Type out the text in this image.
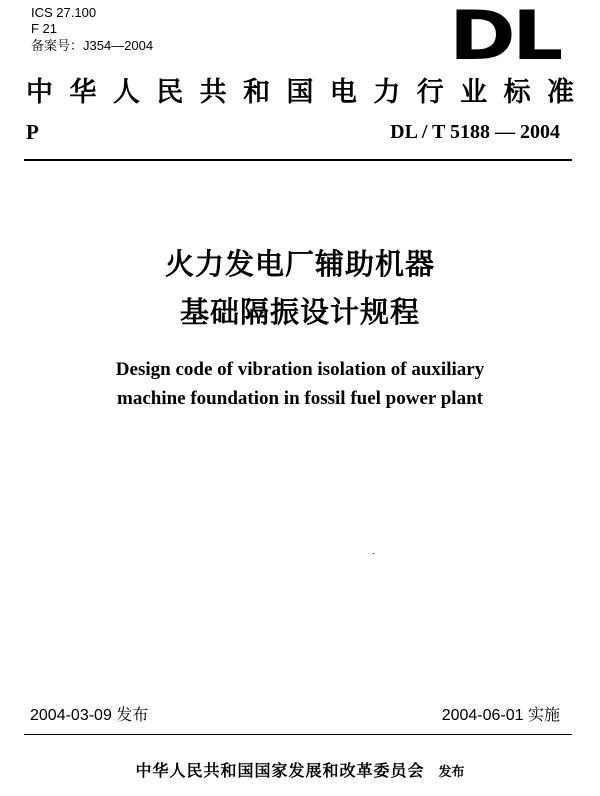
ICS 27.100
F 21
备案号：J354—2004	DL
中华人民共和国电力行业标准
P	DL / T 5188 — 2004
火力发电厂辅助机器
基础隔振设计规程
Design code of vibration isolation of auxiliary
machine foundation in fossil fuel power plant
2004-03-09 发布	2004-06-01 实施
中华人民共和国国家发展和改革委员会 发布
